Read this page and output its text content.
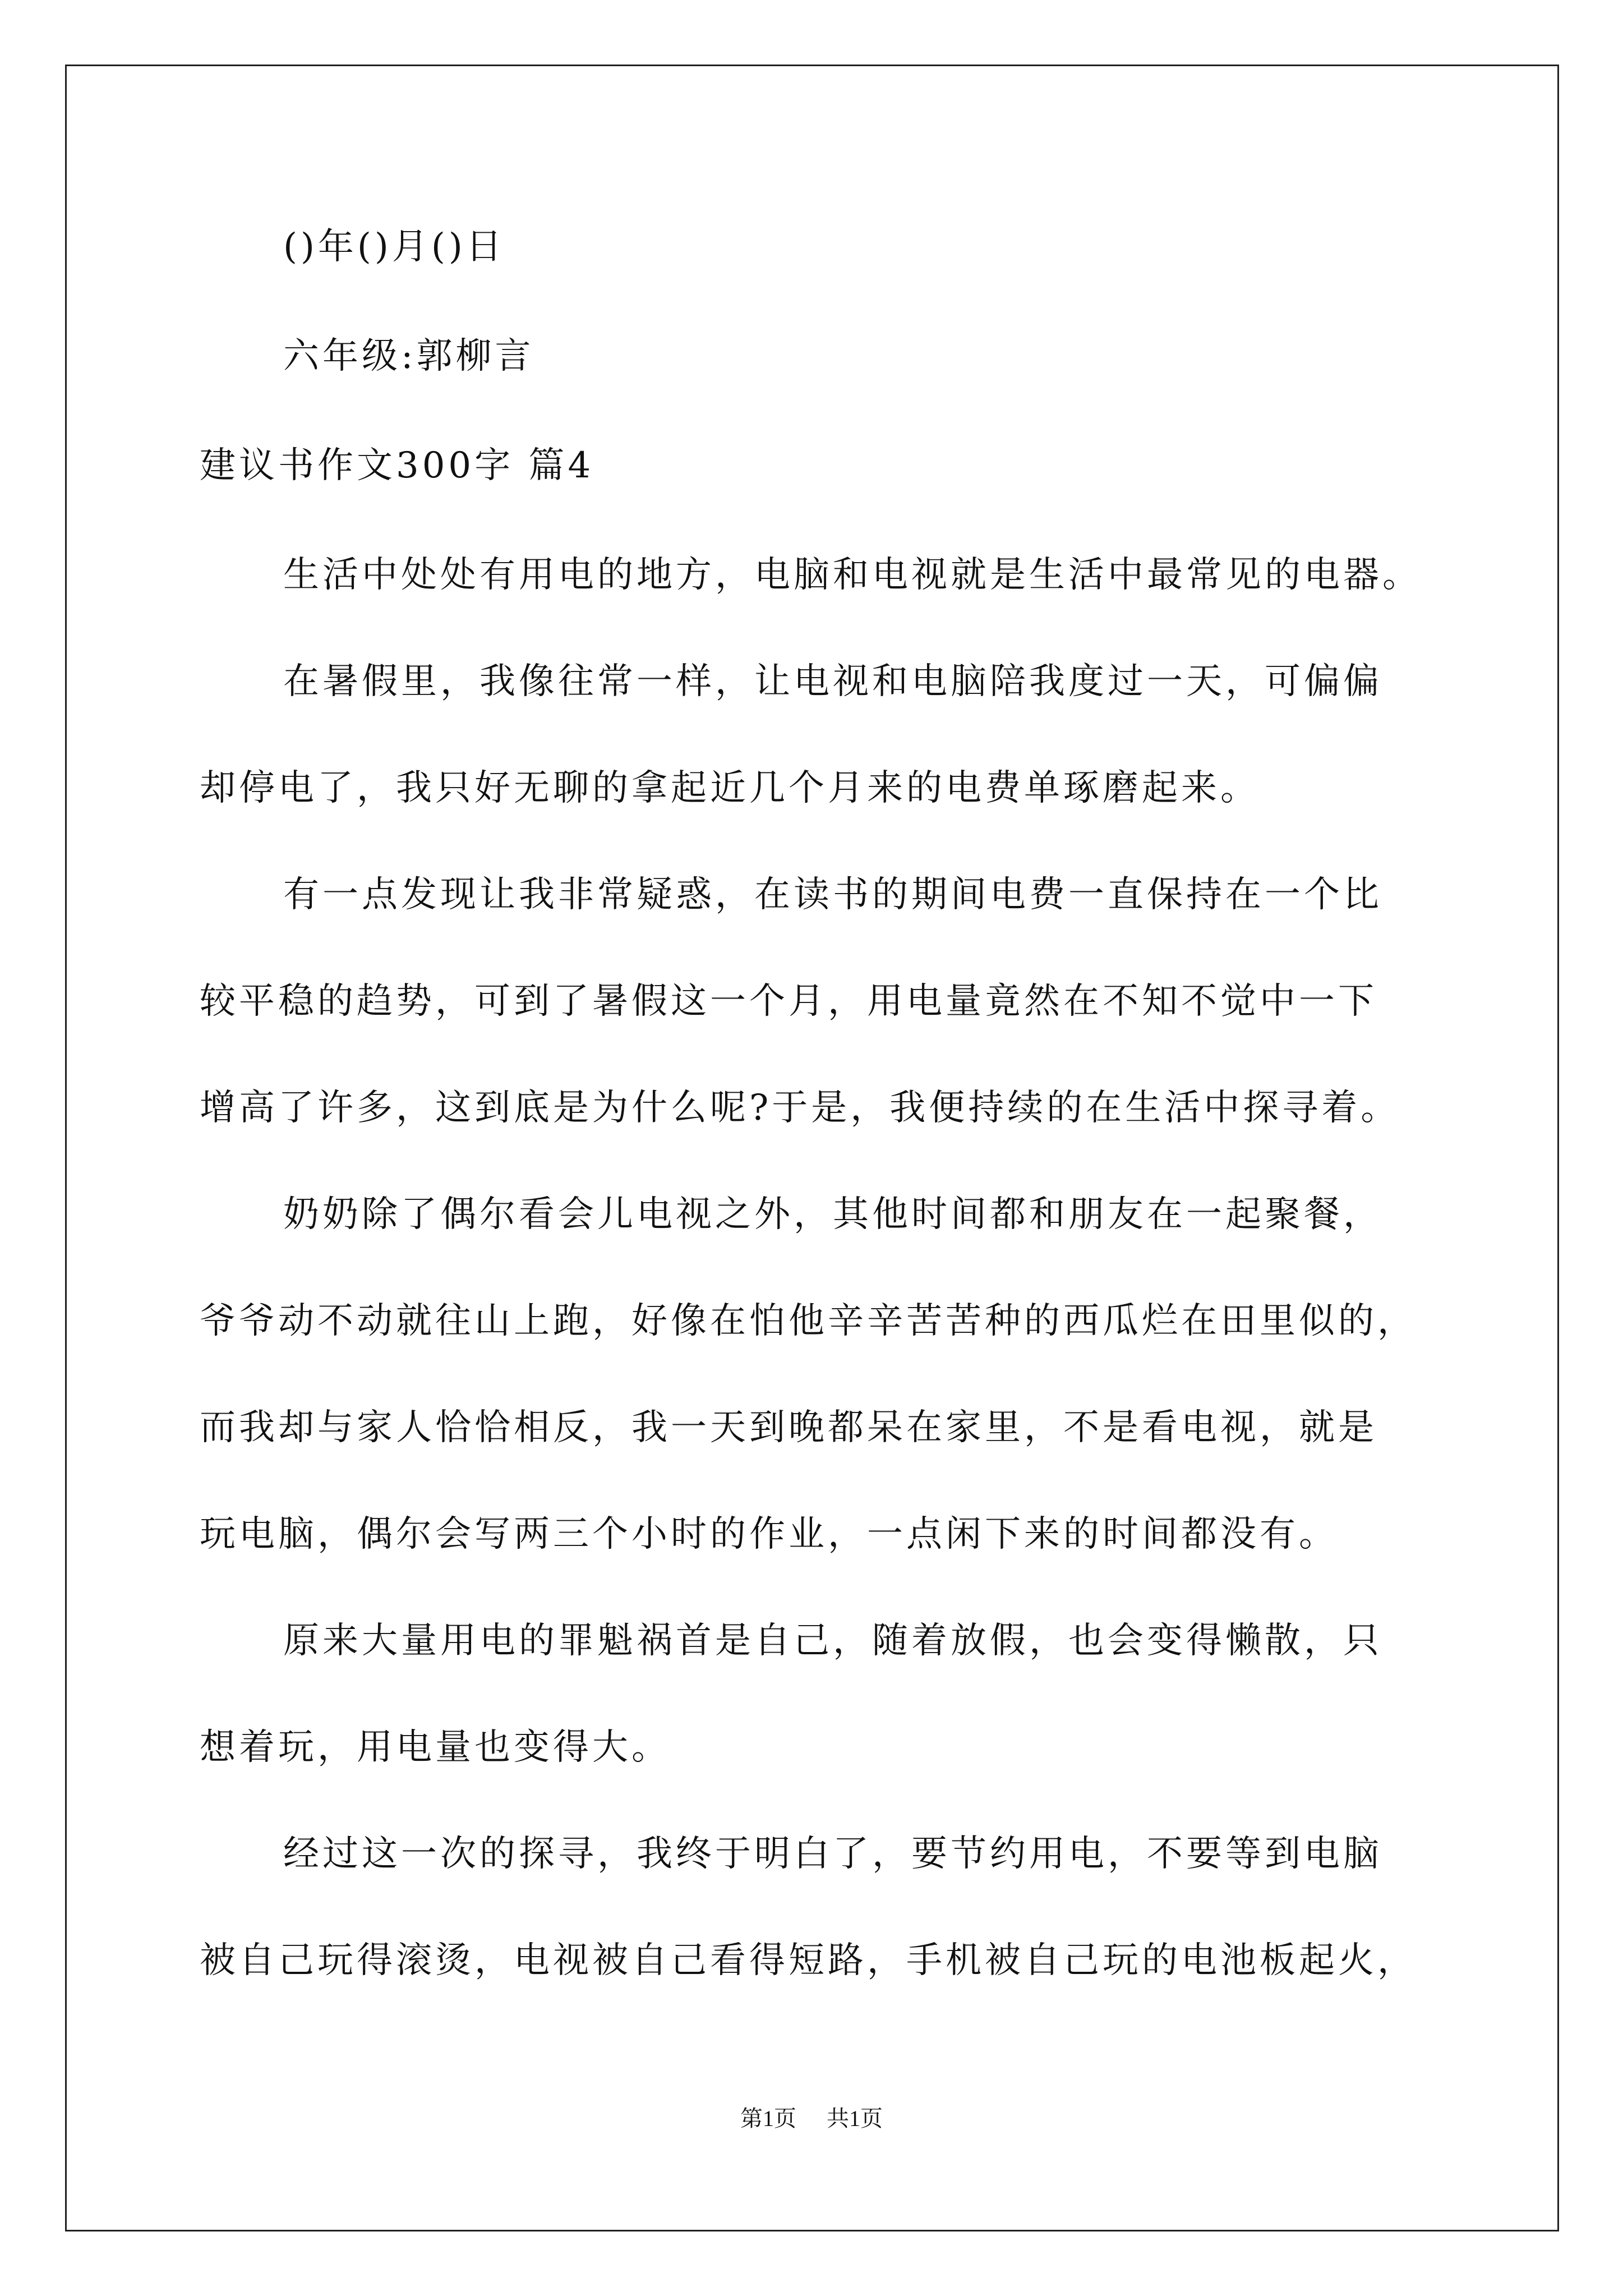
()年()月()日
六年级:郭柳言
建议书作文300字 篇4
生活中处处有用电的地方，电脑和电视就是生活中最常见的电器。
在暑假里，我像往常一样，让电视和电脑陪我度过一天，可偏偏
却停电了，我只好无聊的拿起近几个月来的电费单琢磨起来。
有一点发现让我非常疑惑，在读书的期间电费一直保持在一个比
较平稳的趋势，可到了暑假这一个月，用电量竟然在不知不觉中一下
增高了许多，这到底是为什么呢?于是，我便持续的在生活中探寻着。
奶奶除了偶尔看会儿电视之外，其他时间都和朋友在一起聚餐，
爷爷动不动就往山上跑，好像在怕他辛辛苦苦种的西瓜烂在田里似的，
而我却与家人恰恰相反，我一天到晚都呆在家里，不是看电视，就是
玩电脑，偶尔会写两三个小时的作业，一点闲下来的时间都没有。
原来大量用电的罪魁祸首是自己，随着放假，也会变得懒散，只
想着玩，用电量也变得大。
经过这一次的探寻，我终于明白了，要节约用电，不要等到电脑
被自己玩得滚烫，电视被自己看得短路，手机被自己玩的电池板起火，
第1页 共1页
